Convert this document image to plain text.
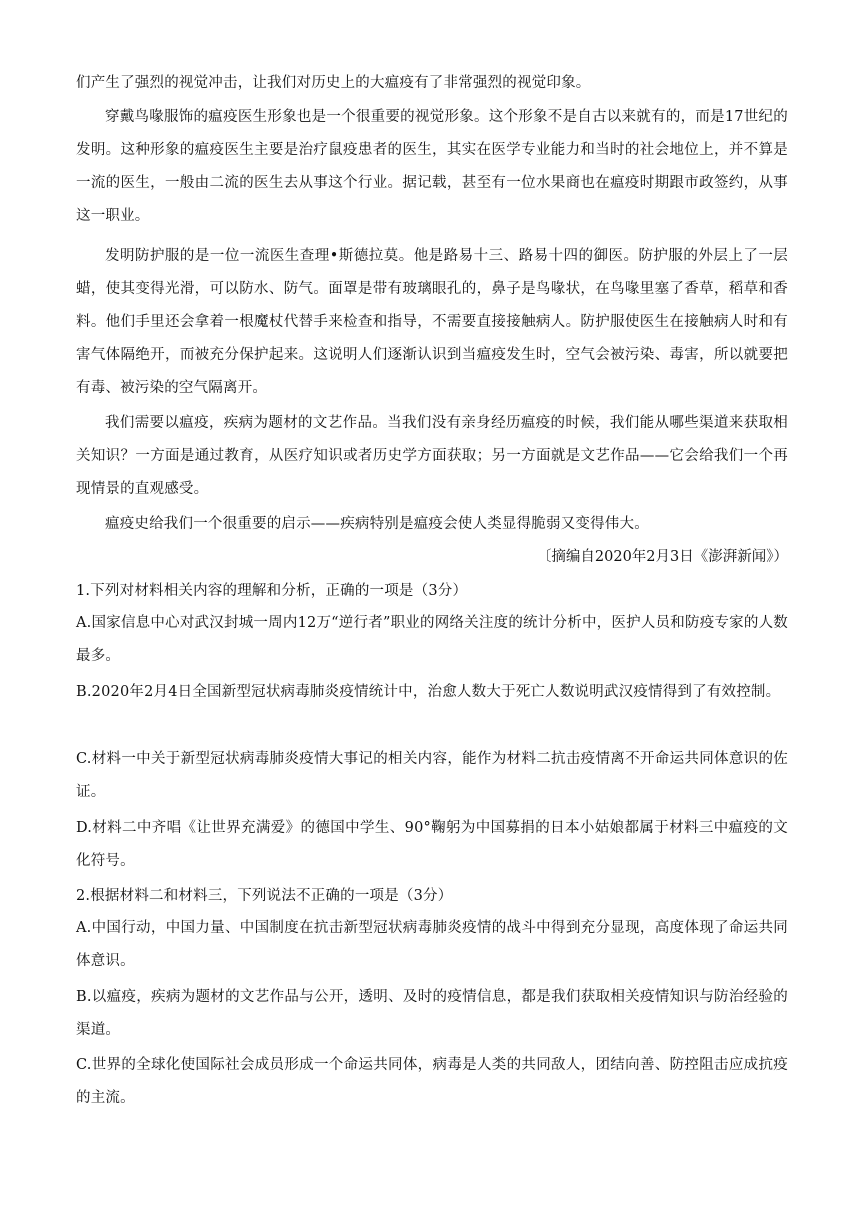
们产生了强烈的视觉冲击，让我们对历史上的大瘟疫有了非常强烈的视觉印象。
穿戴鸟喙服饰的瘟疫医生形象也是一个很重要的视觉形象。这个形象不是自古以来就有的，而是17世纪的发明。这种形象的瘟疫医生主要是治疗鼠疫患者的医生，其实在医学专业能力和当时的社会地位上，并不算是一流的医生，一般由二流的医生去从事这个行业。据记载，甚至有一位水果商也在瘟疫时期跟市政签约，从事这一职业。
发明防护服的是一位一流医生查理•斯德拉莫。他是路易十三、路易十四的御医。防护服的外层上了一层蜡，使其变得光滑，可以防水、防气。面罩是带有玻璃眼孔的，鼻子是鸟喙状，在鸟喙里塞了香草，稻草和香料。他们手里还会拿着一根魔杖代替手来检查和指导，不需要直接接触病人。防护服使医生在接触病人时和有害气体隔绝开，而被充分保护起来。这说明人们逐渐认识到当瘟疫发生时，空气会被污染、毒害，所以就要把有毒、被污染的空气隔离开。
我们需要以瘟疫，疾病为题材的文艺作品。当我们没有亲身经历瘟疫的时候，我们能从哪些渠道来获取相关知识？一方面是通过教育，从医疗知识或者历史学方面获取；另一方面就是文艺作品——它会给我们一个再现情景的直观感受。
瘟疫史给我们一个很重要的启示——疾病特别是瘟疫会使人类显得脆弱又变得伟大。
〔摘编自2020年2月3日《澎湃新闻》）
1.下列对材料相关内容的理解和分析，正确的一项是（3分）
A.国家信息中心对武汉封城一周内12万“逆行者”职业的网络关注度的统计分析中，医护人员和防疫专家的人数最多。
B.2020年2月4日全国新型冠状病毒肺炎疫情统计中，治愈人数大于死亡人数说明武汉疫情得到了有效控制。
C.材料一中关于新型冠状病毒肺炎疫情大事记的相关内容，能作为材料二抗击疫情离不开命运共同体意识的佐证。
D.材料二中齐唱《让世界充满爱》的德国中学生、90°鞠躬为中国募捐的日本小姑娘都属于材料三中瘟疫的文化符号。
2.根据材料二和材料三，下列说法不正确的一项是（3分）
A.中国行动，中国力量、中国制度在抗击新型冠状病毒肺炎疫情的战斗中得到充分显现，高度体现了命运共同体意识。
B.以瘟疫，疾病为题材的文艺作品与公开，透明、及时的疫情信息，都是我们获取相关疫情知识与防治经验的渠道。
C.世界的全球化使国际社会成员形成一个命运共同体，病毒是人类的共同敌人，团结向善、防控阻击应成抗疫的主流。
